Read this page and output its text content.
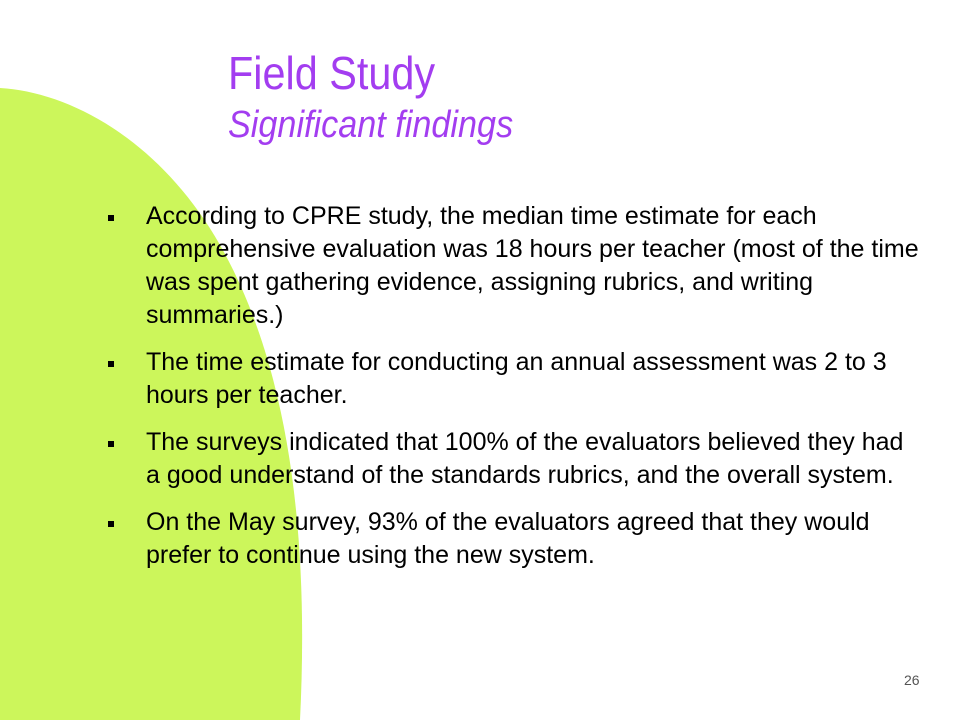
Field Study
Significant findings
According to CPRE study, the median time estimate for each comprehensive evaluation was 18 hours per teacher (most of the time was spent gathering evidence, assigning rubrics, and writing summaries.)
The time estimate for conducting an annual assessment was 2 to 3 hours per teacher.
The surveys indicated that 100% of the evaluators believed they had a good understand of the standards rubrics, and the overall system.
On the May survey, 93% of the evaluators agreed that they would prefer to continue using the new system.
26
